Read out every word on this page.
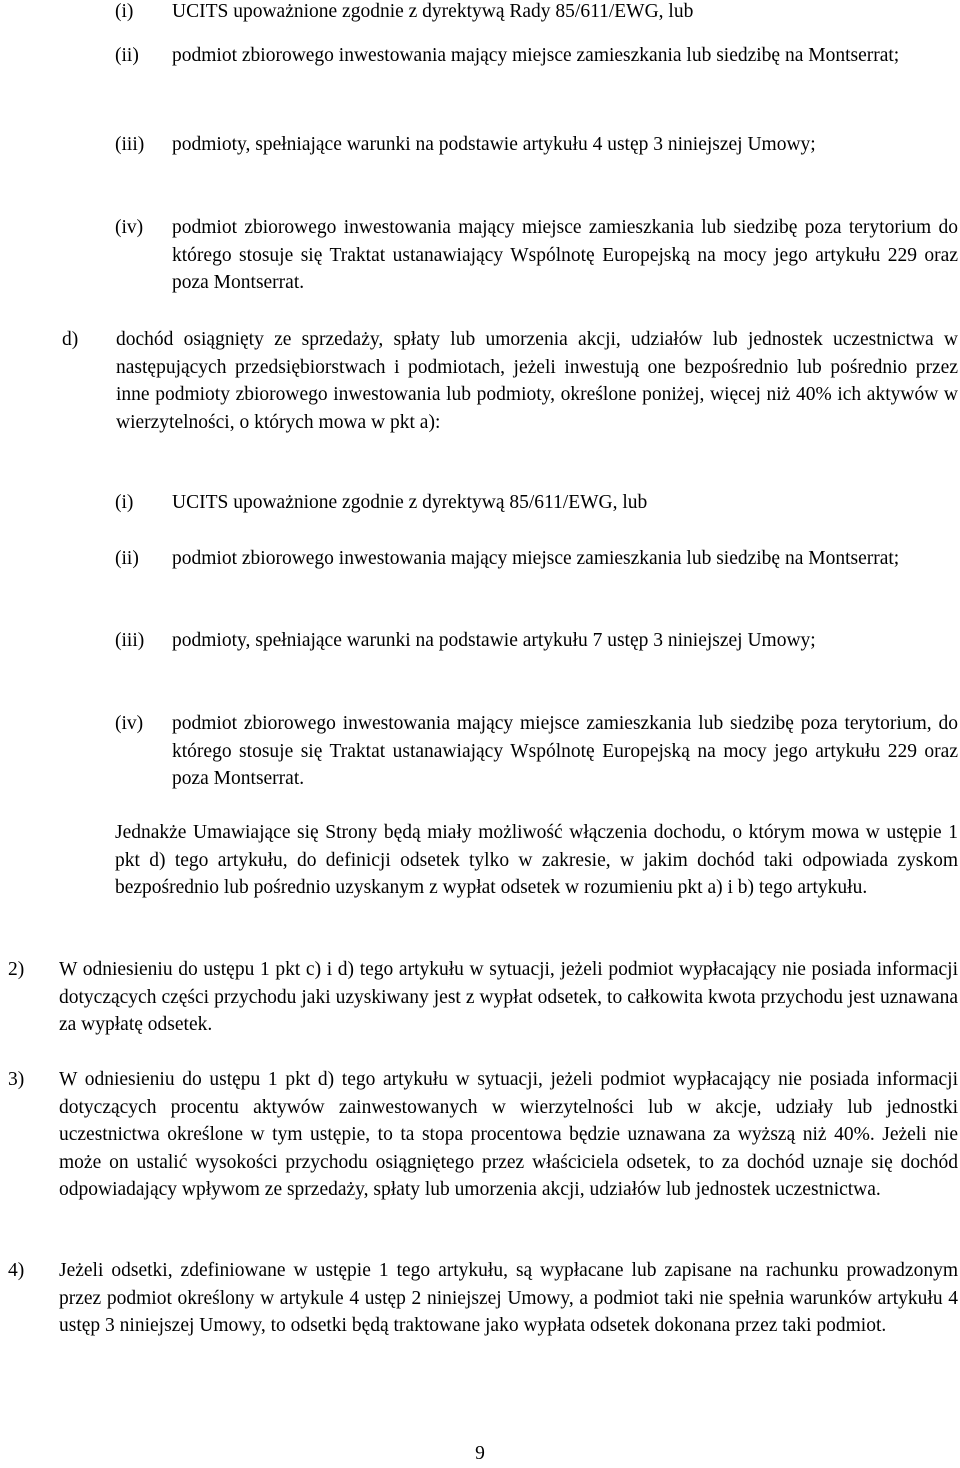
(i)	UCITS upoważnione zgodnie z dyrektywą Rady 85/611/EWG, lub
(ii)	podmiot zbiorowego inwestowania mający miejsce zamieszkania lub siedzibę na Montserrat;
(iii)	podmioty, spełniające warunki na podstawie artykułu 4 ustęp 3 niniejszej Umowy;
(iv)	podmiot zbiorowego inwestowania mający miejsce zamieszkania lub siedzibę poza terytorium do którego stosuje się Traktat ustanawiający Wspólnotę Europejską na mocy jego artykułu 229 oraz poza Montserrat.
d)	dochód osiągnięty ze sprzedaży, spłaty lub umorzenia akcji, udziałów lub jednostek uczestnictwa w następujących przedsiębiorstwach i podmiotach, jeżeli inwestują one bezpośrednio lub pośrednio przez inne podmioty zbiorowego inwestowania lub podmioty, określone poniżej, więcej niż 40% ich aktywów w wierzytelności, o których mowa w pkt a):
(i)	UCITS upoważnione zgodnie z dyrektywą 85/611/EWG, lub
(ii)	podmiot zbiorowego inwestowania mający miejsce zamieszkania lub siedzibę na Montserrat;
(iii)	podmioty, spełniające warunki na podstawie artykułu 7 ustęp 3 niniejszej Umowy;
(iv)	podmiot zbiorowego inwestowania mający miejsce zamieszkania lub siedzibę poza terytorium, do którego stosuje się Traktat ustanawiający Wspólnotę Europejską na mocy jego artykułu 229 oraz poza Montserrat.
Jednakże Umawiające się Strony będą miały możliwość włączenia dochodu, o którym mowa w ustępie 1 pkt d) tego artykułu, do definicji odsetek tylko w zakresie, w jakim dochód taki odpowiada zyskom bezpośrednio lub pośrednio uzyskanym z wypłat odsetek w rozumieniu pkt a) i b) tego artykułu.
2)	W odniesieniu do ustępu 1 pkt c) i d) tego artykułu w sytuacji, jeżeli podmiot wypłacający nie posiada informacji dotyczących części przychodu jaki uzyskiwany jest z wypłat odsetek, to całkowita kwota przychodu jest uznawana za wypłatę odsetek.
3)	W odniesieniu do ustępu 1 pkt d) tego artykułu w sytuacji, jeżeli podmiot wypłacający nie posiada informacji dotyczących procentu aktywów zainwestowanych w wierzytelności lub w akcje, udziały lub jednostki uczestnictwa określone w tym ustępie, to ta stopa procentowa będzie uznawana za wyższą niż 40%. Jeżeli nie może on ustalić wysokości przychodu osiągniętego przez właściciela odsetek, to za dochód uznaje się dochód odpowiadający wpływom ze sprzedaży, spłaty lub umorzenia akcji, udziałów lub jednostek uczestnictwa.
4)	Jeżeli odsetki, zdefiniowane w ustępie 1 tego artykułu, są wypłacane lub zapisane na rachunku prowadzonym przez podmiot określony w artykule 4 ustęp 2 niniejszej Umowy, a podmiot taki nie spełnia warunków artykułu 4 ustęp 3 niniejszej Umowy, to odsetki będą traktowane jako wypłata odsetek dokonana przez taki podmiot.
9
